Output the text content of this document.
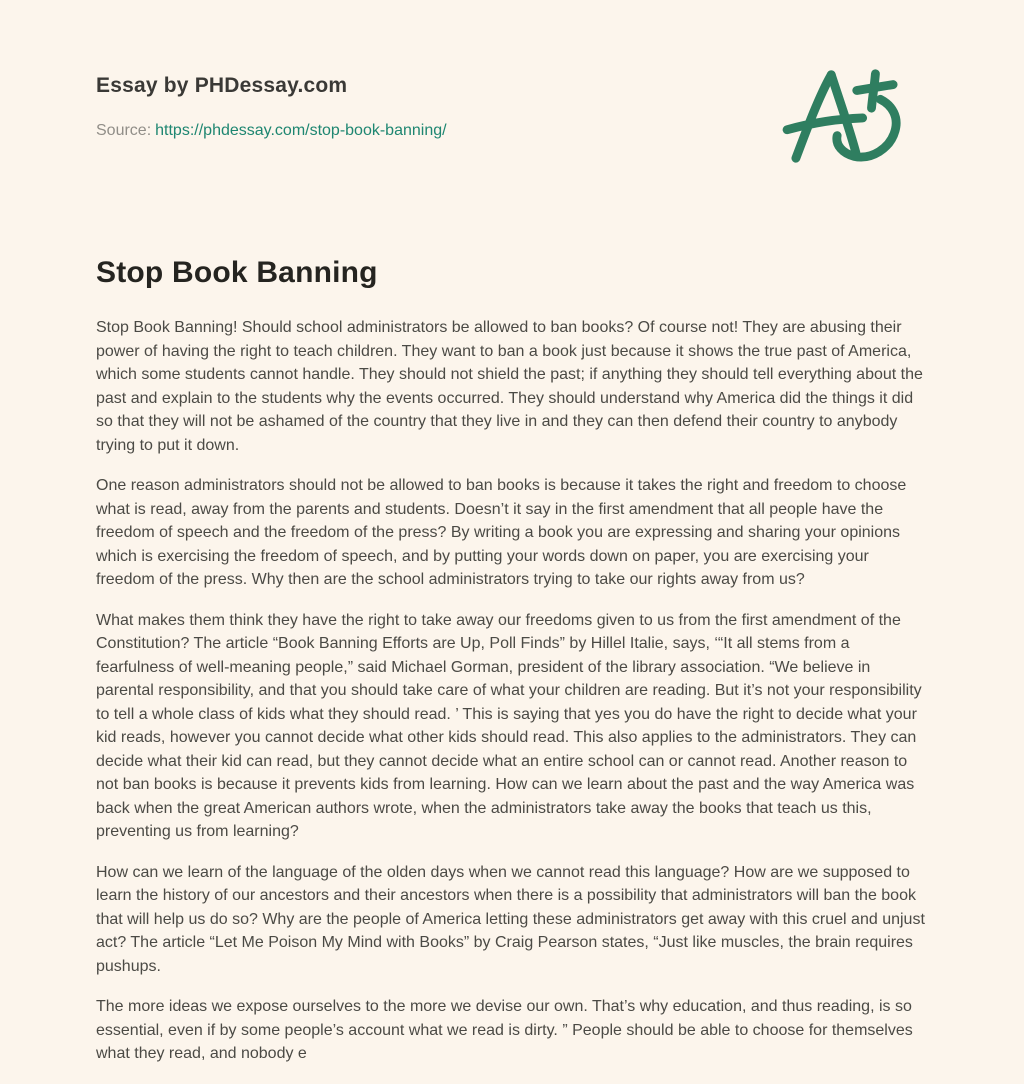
Essay by PHDessay.com
Source: https://phdessay.com/stop-book-banning/
Stop Book Banning

Stop Book Banning! Should school administrators be allowed to ban books? Of course not! They are abusing their power of having the right to teach children. They want to ban a book just because it shows the true past of America, which some students cannot handle. They should not shield the past; if anything they should tell everything about the past and explain to the students why the events occurred. They should understand why America did the things it did so that they will not be ashamed of the country that they live in and they can then defend their country to anybody trying to put it down.

One reason administrators should not be allowed to ban books is because it takes the right and freedom to choose what is read, away from the parents and students. Doesn’t it say in the first amendment that all people have the freedom of speech and the freedom of the press? By writing a book you are expressing and sharing your opinions which is exercising the freedom of speech, and by putting your words down on paper, you are exercising your freedom of the press. Why then are the school administrators trying to take our rights away from us?

What makes them think they have the right to take away our freedoms given to us from the first amendment of the Constitution? The article “Book Banning Efforts are Up, Poll Finds” by Hillel Italie, says, ‘“It all stems from a fearfulness of well-meaning people,” said Michael Gorman, president of the library association. “We believe in parental responsibility, and that you should take care of what your children are reading. But it’s not your responsibility to tell a whole class of kids what they should read. ’ This is saying that yes you do have the right to decide what your kid reads, however you cannot decide what other kids should read. This also applies to the administrators. They can decide what their kid can read, but they cannot decide what an entire school can or cannot read. Another reason to not ban books is because it prevents kids from learning. How can we learn about the past and the way America was back when the great American authors wrote, when the administrators take away the books that teach us this, preventing us from learning?

How can we learn of the language of the olden days when we cannot read this language? How are we supposed to learn the history of our ancestors and their ancestors when there is a possibility that administrators will ban the book that will help us do so? Why are the people of America letting these administrators get away with this cruel and unjust act? The article “Let Me Poison My Mind with Books” by Craig Pearson states, “Just like muscles, the brain requires pushups.

The more ideas we expose ourselves to the more we devise our own. That’s why education, and thus reading, is so essential, even if by some people’s account what we read is dirty. ” People should be able to choose for themselves what they read, and nobody e
